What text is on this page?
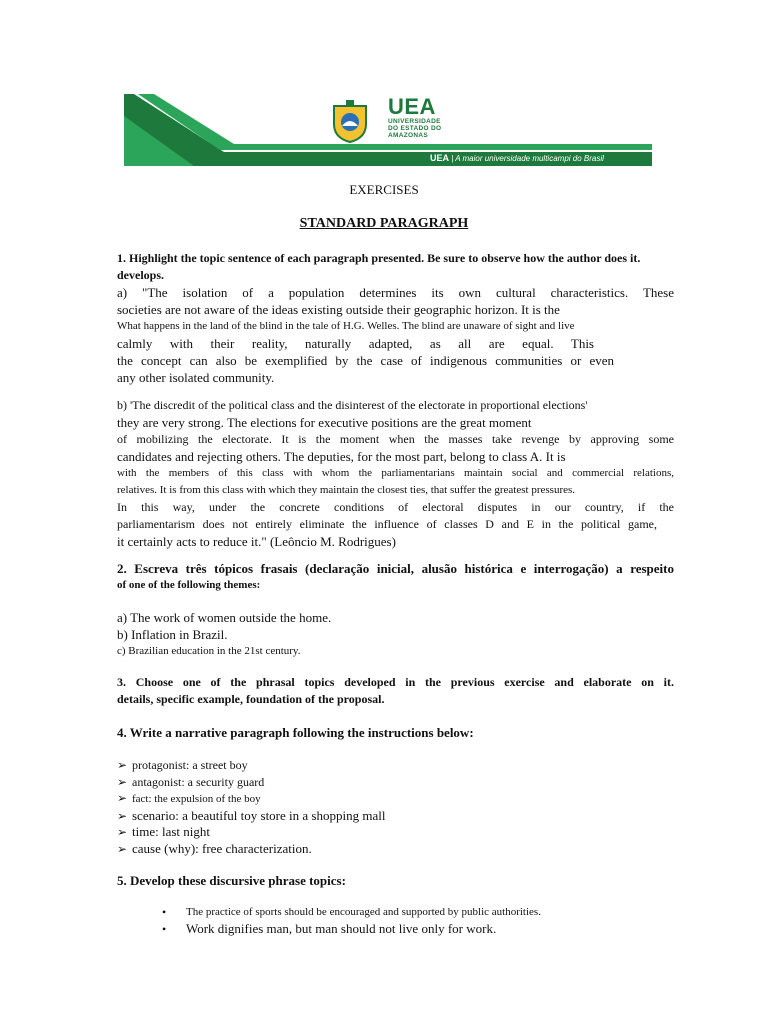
UEA
UNIVERSIDADE
DO ESTADO DO
AMAZONAS
UEA | A maior universidade multicampi do Brasil
EXERCISES
STANDARD PARAGRAPH
1. Highlight the topic sentence of each paragraph presented. Be sure to observe how the author does it.
develops.
a) "The isolation of a population determines its own cultural characteristics. These
societies are not aware of the ideas existing outside their geographic horizon. It is the
What happens in the land of the blind in the tale of H.G. Welles. The blind are unaware of sight and live
calmly with their reality, naturally adapted, as all are equal. This
the concept can also be exemplified by the case of indigenous communities or even
any other isolated community.
b) 'The discredit of the political class and the disinterest of the electorate in proportional elections'
they are very strong. The elections for executive positions are the great moment
of mobilizing the electorate. It is the moment when the masses take revenge by approving some
candidates and rejecting others. The deputies, for the most part, belong to class A. It is
with the members of this class with whom the parliamentarians maintain social and commercial relations,
relatives. It is from this class with which they maintain the closest ties, that suffer the greatest pressures.
In this way, under the concrete conditions of electoral disputes in our country, if the
parliamentarism does not entirely eliminate the influence of classes D and E in the political game,
it certainly acts to reduce it." (Leôncio M. Rodrigues)
2. Escreva três tópicos frasais (declaração inicial, alusão histórica e interrogação) a respeito
of one of the following themes:
a) The work of women outside the home.
b) Inflation in Brazil.
c) Brazilian education in the 21st century.
3. Choose one of the phrasal topics developed in the previous exercise and elaborate on it.
details, specific example, foundation of the proposal.
4. Write a narrative paragraph following the instructions below:
➢ protagonist: a street boy
➢ antagonist: a security guard
➢ fact: the expulsion of the boy
➢ scenario: a beautiful toy store in a shopping mall
➢ time: last night
➢ cause (why): free characterization.
5. Develop these discursive phrase topics:
•	The practice of sports should be encouraged and supported by public authorities.
•	Work dignifies man, but man should not live only for work.
